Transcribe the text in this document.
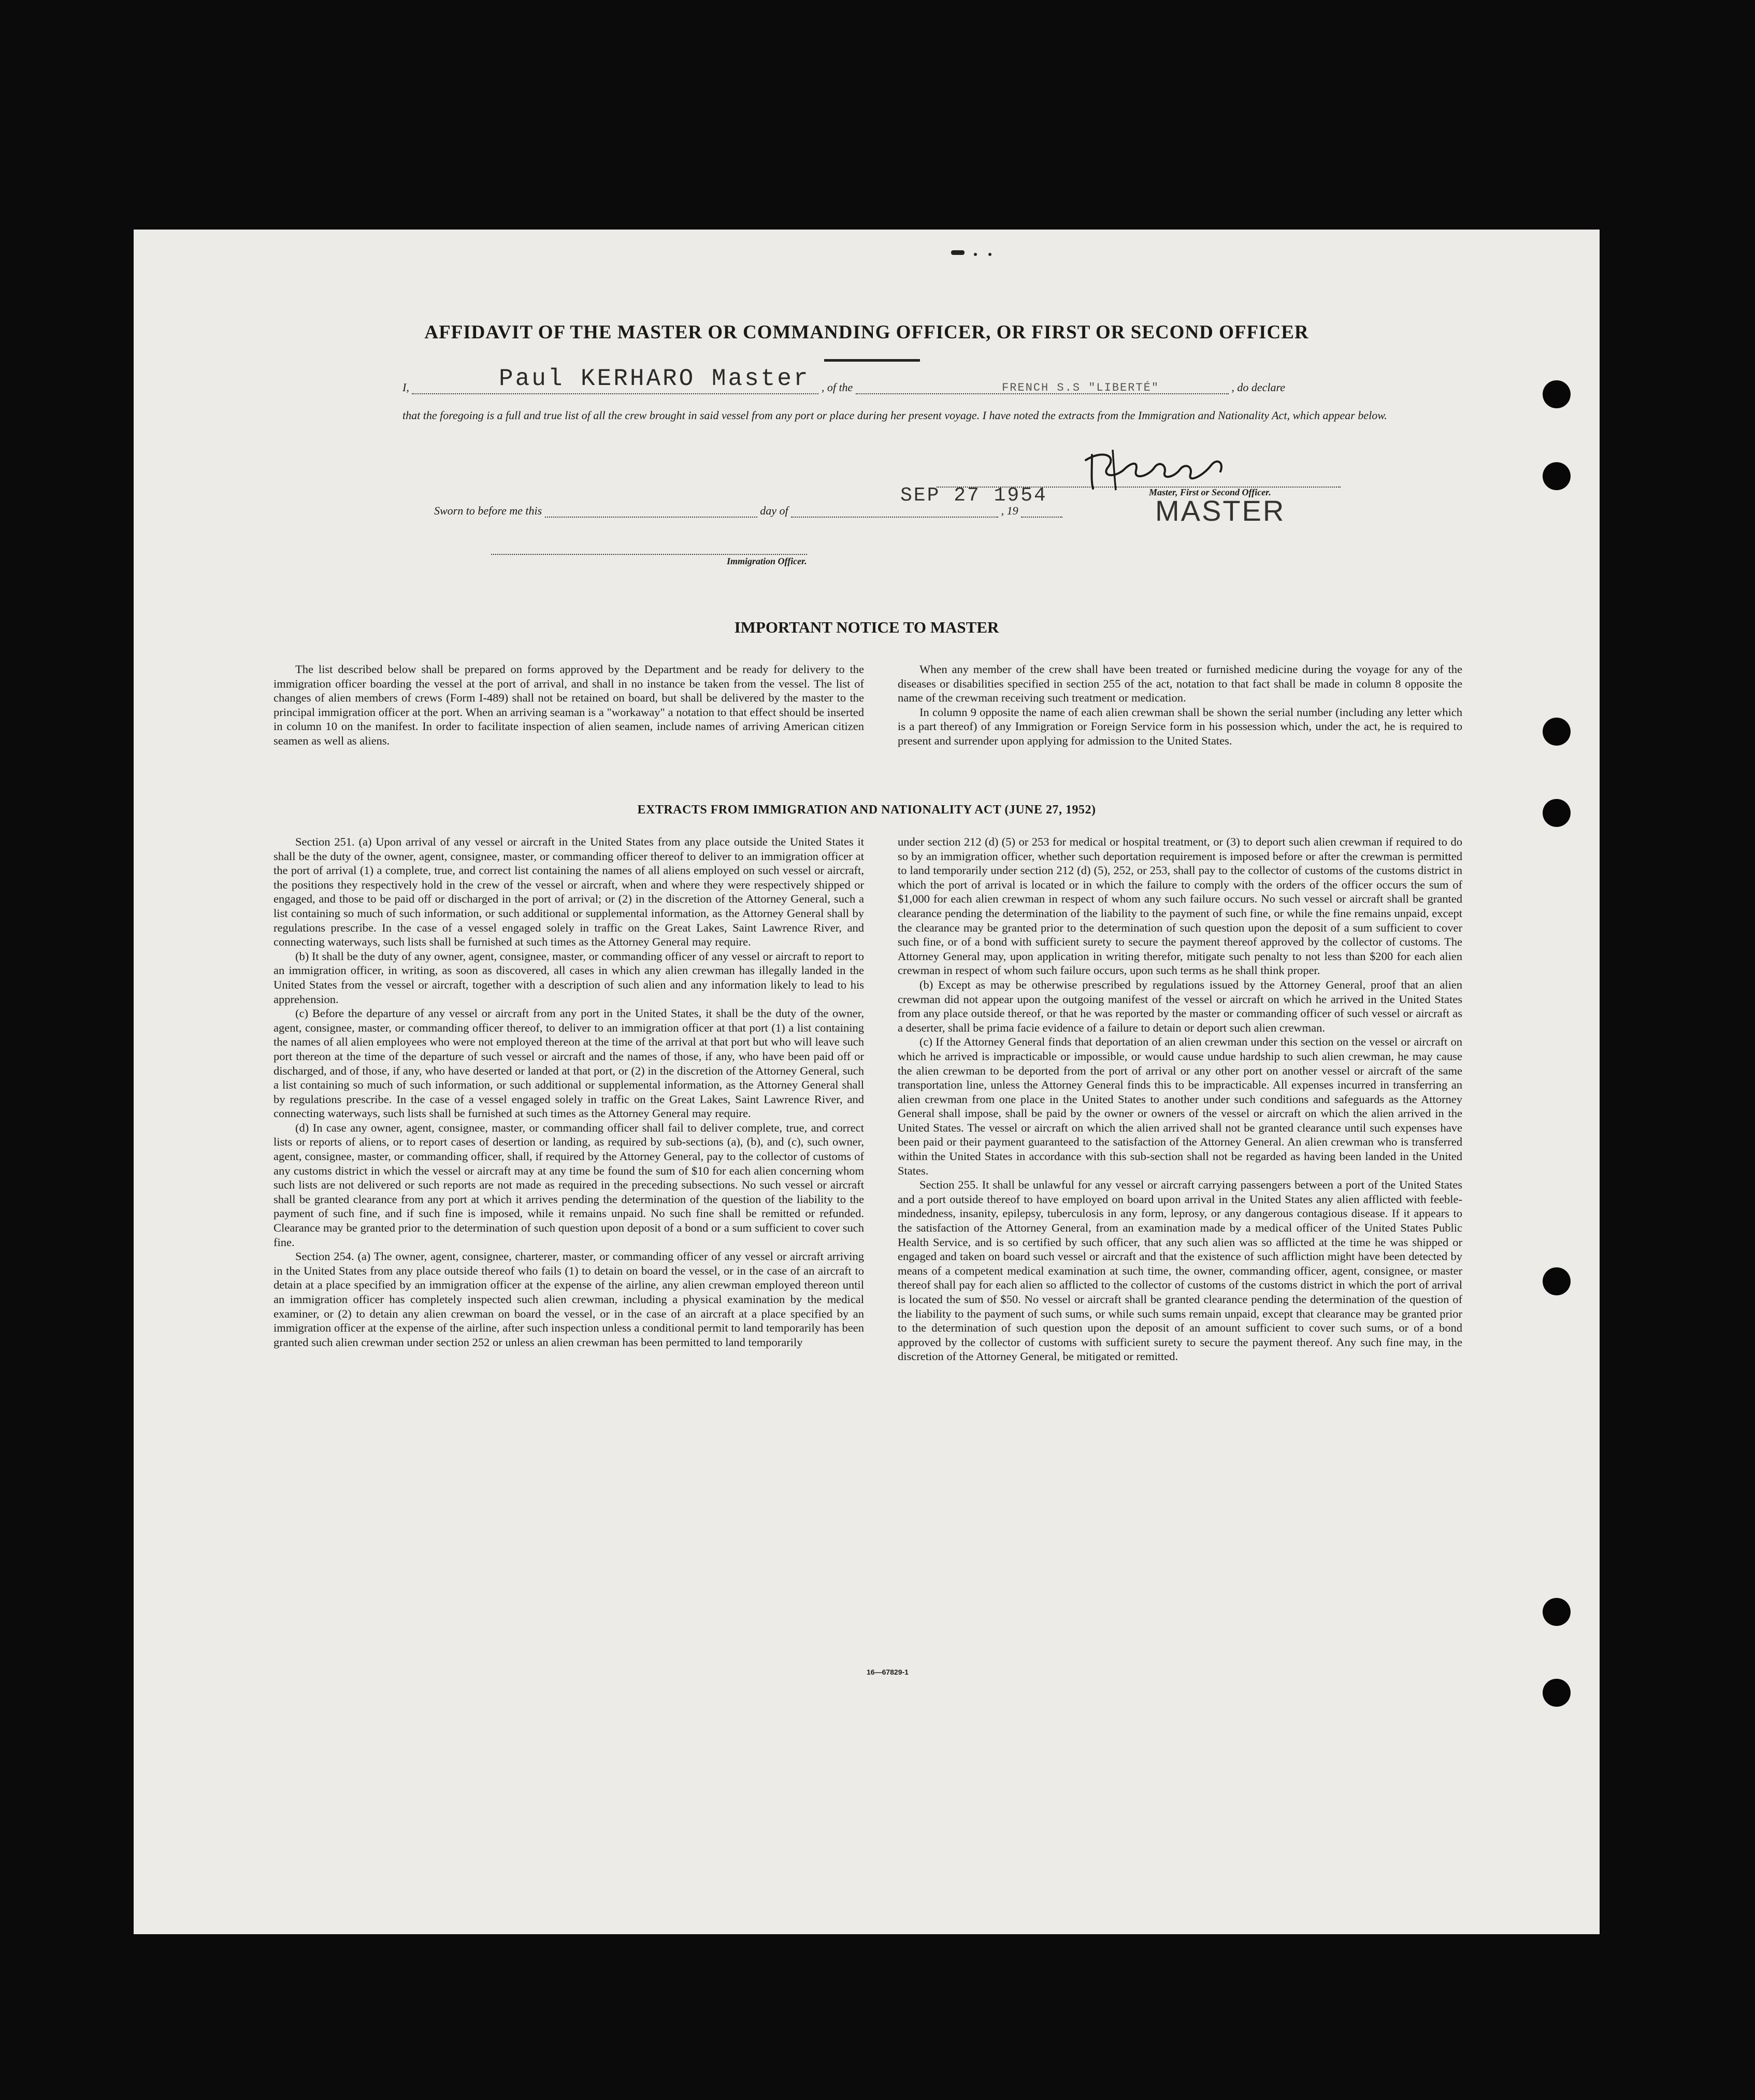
AFFIDAVIT OF THE MASTER OR COMMANDING OFFICER, OR FIRST OR SECOND OFFICER
I,	, of the	, do declare
Paul KERHARO Master	FRENCH S.S "LIBERTÉ"
that the foregoing is a full and true list of all the crew brought in said vessel from any port or place during her present voyage. I have noted the extracts from the Immigration and Nationality Act, which appear below.
Sworn to before me this	day of	, 19
SEP 27 1954	Master, First or Second Officer.
MASTER
Immigration Officer.
IMPORTANT NOTICE TO MASTER

The list described below shall be prepared on forms approved by the Department and be ready for delivery to the immigration officer boarding the vessel at the port of arrival, and shall in no instance be taken from the vessel. The list of changes of alien members of crews (Form I-489) shall not be retained on board, but shall be delivered by the master to the principal immigration officer at the port. When an arriving seaman is a "workaway" a notation to that effect should be inserted in column 10 on the manifest. In order to facilitate inspection of alien seamen, include names of arriving American citizen seamen as well as aliens.

When any member of the crew shall have been treated or furnished medicine during the voyage for any of the diseases or disabilities specified in section 255 of the act, notation to that fact shall be made in column 8 opposite the name of the crewman receiving such treatment or medication.

In column 9 opposite the name of each alien crewman shall be shown the serial number (including any letter which is a part thereof) of any Immigration or Foreign Service form in his possession which, under the act, he is required to present and surrender upon applying for admission to the United States.

EXTRACTS FROM IMMIGRATION AND NATIONALITY ACT (JUNE 27, 1952)

Section 251. (a) Upon arrival of any vessel or aircraft in the United States from any place outside the United States it shall be the duty of the owner, agent, consignee, master, or commanding officer thereof to deliver to an immigration officer at the port of arrival (1) a complete, true, and correct list containing the names of all aliens employed on such vessel or aircraft, the positions they respectively hold in the crew of the vessel or aircraft, when and where they were respectively shipped or engaged, and those to be paid off or discharged in the port of arrival; or (2) in the discretion of the Attorney General, such a list containing so much of such information, or such additional or supplemental information, as the Attorney General shall by regulations prescribe. In the case of a vessel engaged solely in traffic on the Great Lakes, Saint Lawrence River, and connecting waterways, such lists shall be furnished at such times as the Attorney General may require.

(b) It shall be the duty of any owner, agent, consignee, master, or commanding officer of any vessel or aircraft to report to an immigration officer, in writing, as soon as discovered, all cases in which any alien crewman has illegally landed in the United States from the vessel or aircraft, together with a description of such alien and any information likely to lead to his apprehension.

(c) Before the departure of any vessel or aircraft from any port in the United States, it shall be the duty of the owner, agent, consignee, master, or commanding officer thereof, to deliver to an immigration officer at that port (1) a list containing the names of all alien employees who were not employed thereon at the time of the arrival at that port but who will leave such port thereon at the time of the departure of such vessel or aircraft and the names of those, if any, who have been paid off or discharged, and of those, if any, who have deserted or landed at that port, or (2) in the discretion of the Attorney General, such a list containing so much of such information, or such additional or supplemental information, as the Attorney General shall by regulations prescribe. In the case of a vessel engaged solely in traffic on the Great Lakes, Saint Lawrence River, and connecting waterways, such lists shall be furnished at such times as the Attorney General may require.

(d) In case any owner, agent, consignee, master, or commanding officer shall fail to deliver complete, true, and correct lists or reports of aliens, or to report cases of desertion or landing, as required by sub-sections (a), (b), and (c), such owner, agent, consignee, master, or commanding officer, shall, if required by the Attorney General, pay to the collector of customs of any customs district in which the vessel or aircraft may at any time be found the sum of $10 for each alien concerning whom such lists are not delivered or such reports are not made as required in the preceding subsections. No such vessel or aircraft shall be granted clearance from any port at which it arrives pending the determination of the question of the liability to the payment of such fine, and if such fine is imposed, while it remains unpaid. No such fine shall be remitted or refunded. Clearance may be granted prior to the determination of such question upon deposit of a bond or a sum sufficient to cover such fine.

Section 254. (a) The owner, agent, consignee, charterer, master, or commanding officer of any vessel or aircraft arriving in the United States from any place outside thereof who fails (1) to detain on board the vessel, or in the case of an aircraft to detain at a place specified by an immigration officer at the expense of the airline, any alien crewman employed thereon until an immigration officer has completely inspected such alien crewman, including a physical examination by the medical examiner, or (2) to detain any alien crewman on board the vessel, or in the case of an aircraft at a place specified by an immigration officer at the expense of the airline, after such inspection unless a conditional permit to land temporarily has been granted such alien crewman under section 252 or unless an alien crewman has been permitted to land temporarily

under section 212 (d) (5) or 253 for medical or hospital treatment, or (3) to deport such alien crewman if required to do so by an immigration officer, whether such deportation requirement is imposed before or after the crewman is permitted to land temporarily under section 212 (d) (5), 252, or 253, shall pay to the collector of customs of the customs district in which the port of arrival is located or in which the failure to comply with the orders of the officer occurs the sum of $1,000 for each alien crewman in respect of whom any such failure occurs. No such vessel or aircraft shall be granted clearance pending the determination of the liability to the payment of such fine, or while the fine remains unpaid, except the clearance may be granted prior to the determination of such question upon the deposit of a sum sufficient to cover such fine, or of a bond with sufficient surety to secure the payment thereof approved by the collector of customs. The Attorney General may, upon application in writing therefor, mitigate such penalty to not less than $200 for each alien crewman in respect of whom such failure occurs, upon such terms as he shall think proper.

(b) Except as may be otherwise prescribed by regulations issued by the Attorney General, proof that an alien crewman did not appear upon the outgoing manifest of the vessel or aircraft on which he arrived in the United States from any place outside thereof, or that he was reported by the master or commanding officer of such vessel or aircraft as a deserter, shall be prima facie evidence of a failure to detain or deport such alien crewman.

(c) If the Attorney General finds that deportation of an alien crewman under this section on the vessel or aircraft on which he arrived is impracticable or impossible, or would cause undue hardship to such alien crewman, he may cause the alien crewman to be deported from the port of arrival or any other port on another vessel or aircraft of the same transportation line, unless the Attorney General finds this to be impracticable. All expenses incurred in transferring an alien crewman from one place in the United States to another under such conditions and safeguards as the Attorney General shall impose, shall be paid by the owner or owners of the vessel or aircraft on which the alien arrived in the United States. The vessel or aircraft on which the alien arrived shall not be granted clearance until such expenses have been paid or their payment guaranteed to the satisfaction of the Attorney General. An alien crewman who is transferred within the United States in accordance with this sub-section shall not be regarded as having been landed in the United States.

Section 255. It shall be unlawful for any vessel or aircraft carrying passengers between a port of the United States and a port outside thereof to have employed on board upon arrival in the United States any alien afflicted with feeble-mindedness, insanity, epilepsy, tuberculosis in any form, leprosy, or any dangerous contagious disease. If it appears to the satisfaction of the Attorney General, from an examination made by a medical officer of the United States Public Health Service, and is so certified by such officer, that any such alien was so afflicted at the time he was shipped or engaged and taken on board such vessel or aircraft and that the existence of such affliction might have been detected by means of a competent medical examination at such time, the owner, commanding officer, agent, consignee, or master thereof shall pay for each alien so afflicted to the collector of customs of the customs district in which the port of arrival is located the sum of $50. No vessel or aircraft shall be granted clearance pending the determination of the question of the liability to the payment of such sums, or while such sums remain unpaid, except that clearance may be granted prior to the determination of such question upon the deposit of an amount sufficient to cover such sums, or of a bond approved by the collector of customs with sufficient surety to secure the payment thereof. Any such fine may, in the discretion of the Attorney General, be mitigated or remitted.

16—67829-1
